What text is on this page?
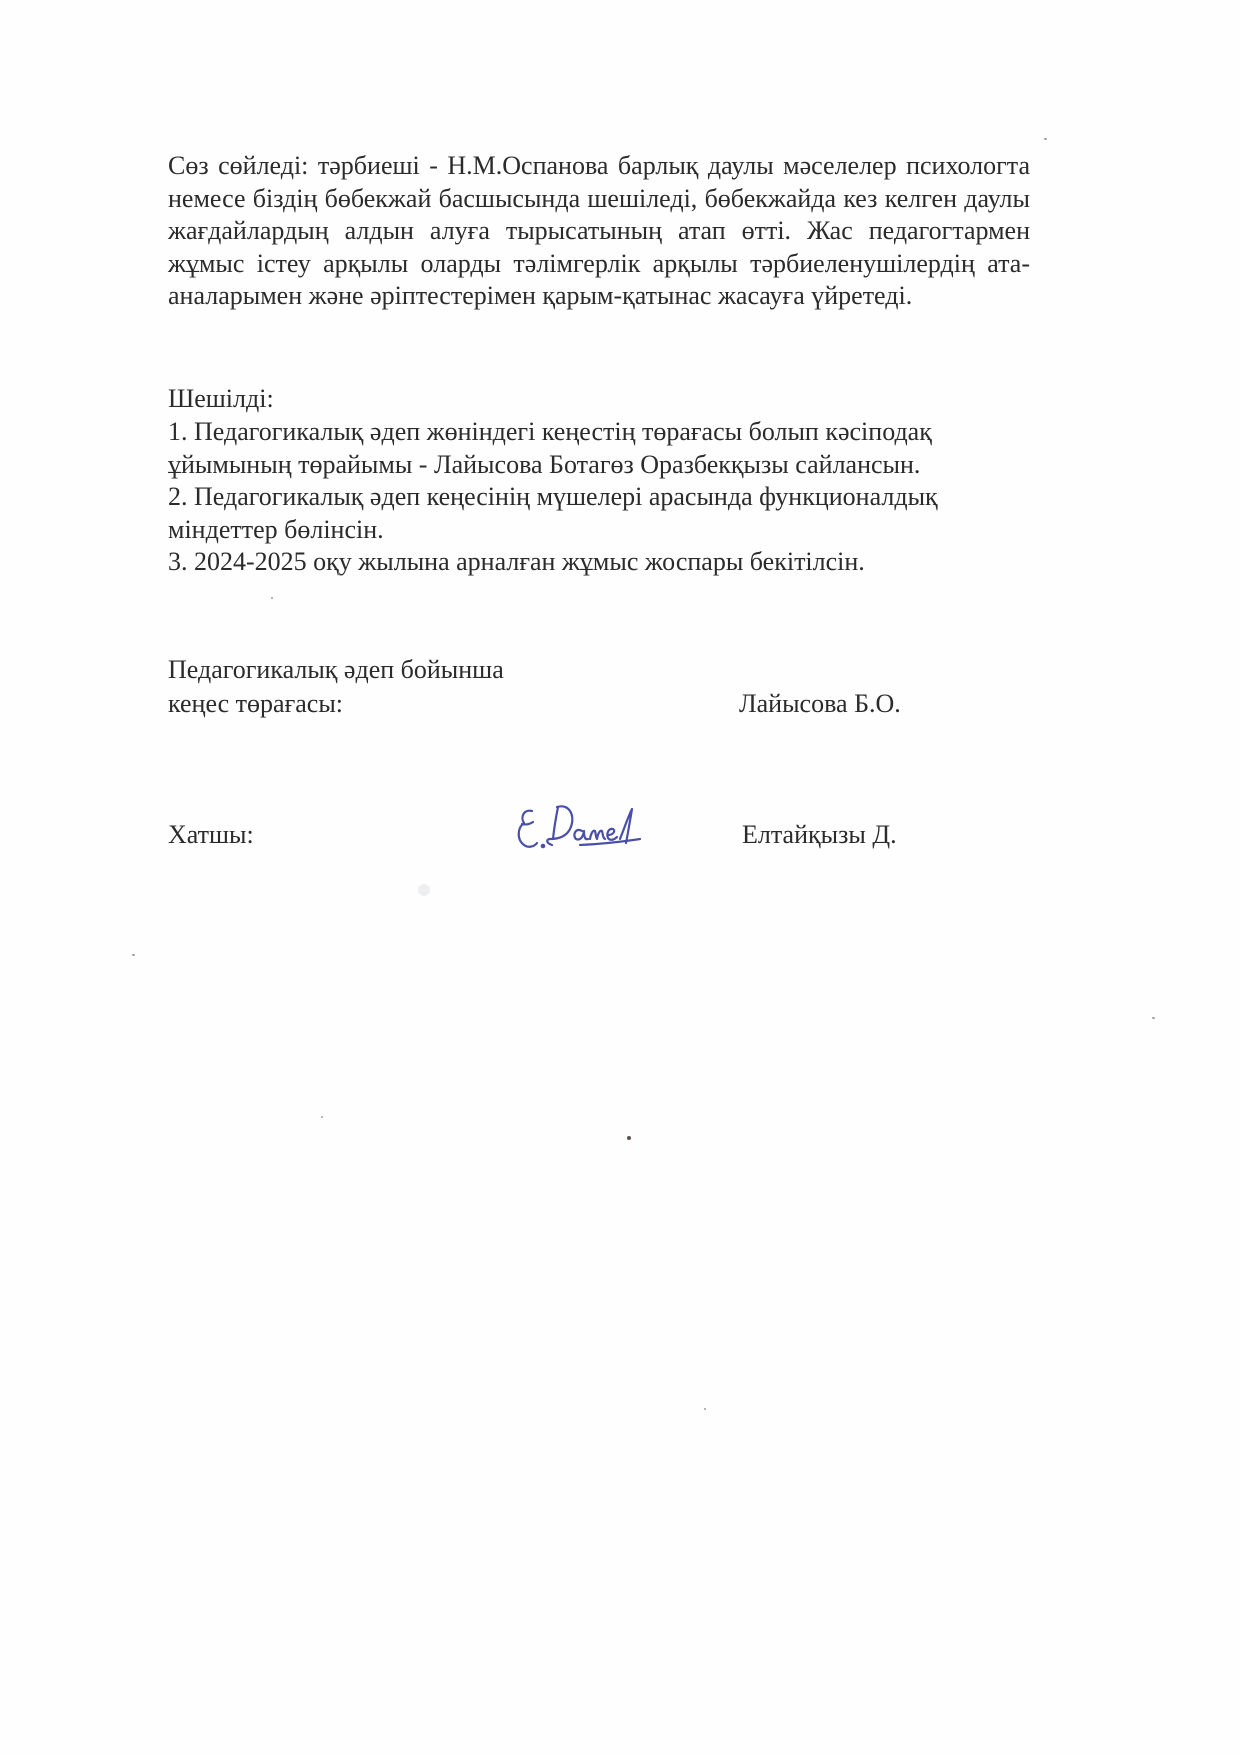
Сөз сөйледі: тәрбиеші - Н.М.Оспанова барлық даулы мәселелер психологта немесе біздің бөбекжай басшысында шешіледі, бөбекжайда кез келген даулы жағдайлардың алдын алуға тырысатының атап өтті. Жас педагогтармен жұмыс істеу арқылы оларды тәлімгерлік арқылы тәрбиеленушілердің ата-аналарымен және әріптестерімен қарым-қатынас жасауға үйретеді.

Шешілді:

1. Педагогикалық әдеп жөніндегі кеңестің төрағасы болып кәсіподақ ұйымының төрайымы - Лайысова Ботагөз Оразбекқызы сайлансын.
2. Педагогикалық әдеп кеңесінің мүшелері арасында функционалдық міндеттер бөлінсін.
3. 2024-2025 оқу жылына арналған жұмыс жоспары бекітілсін.

Педагогикалық әдеп бойынша

кеңес төрағасы:	Лайысова Б.О.

Хатшы:	Елтайқызы Д.
